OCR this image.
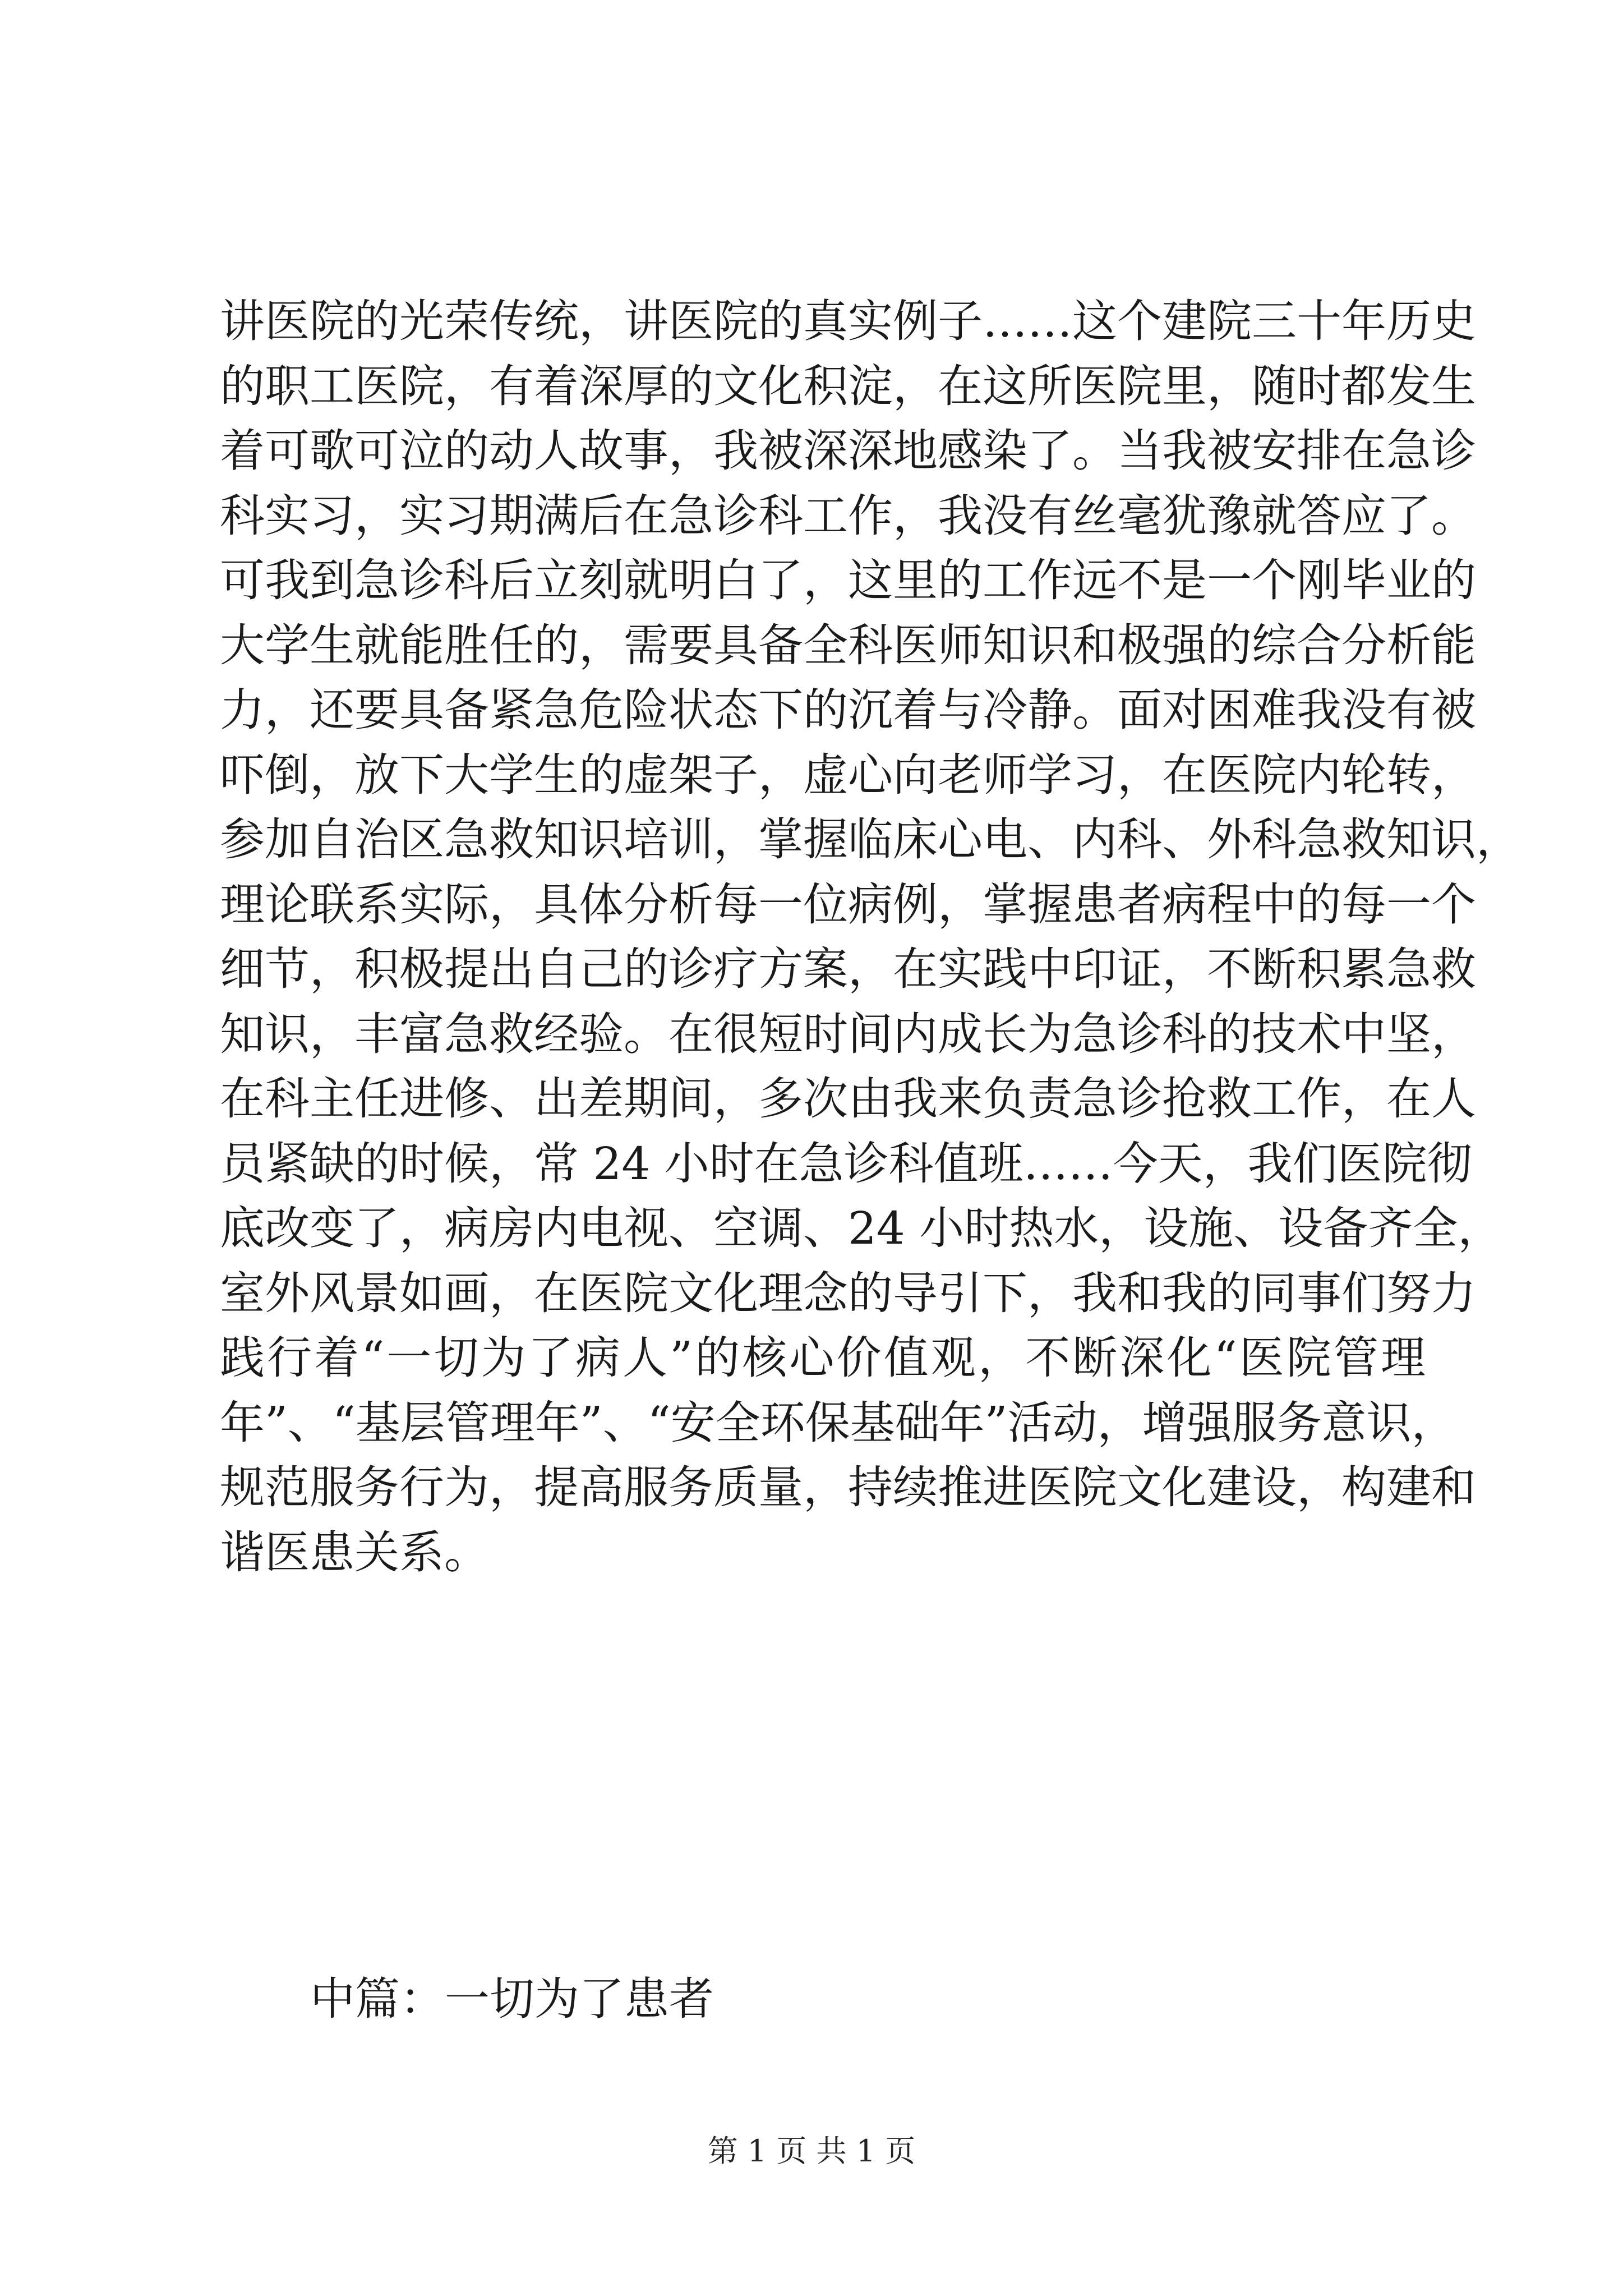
讲医院的光荣传统，讲医院的真实例子……这个建院三十年历史
的职工医院，有着深厚的文化积淀，在这所医院里，随时都发生
着可歌可泣的动人故事，我被深深地感染了。当我被安排在急诊
科实习，实习期满后在急诊科工作，我没有丝毫犹豫就答应了。
可我到急诊科后立刻就明白了，这里的工作远不是一个刚毕业的
大学生就能胜任的，需要具备全科医师知识和极强的综合分析能
力，还要具备紧急危险状态下的沉着与冷静。面对困难我没有被
吓倒，放下大学生的虚架子，虚心向老师学习，在医院内轮转，
参加自治区急救知识培训，掌握临床心电、内科、外科急救知识，
理论联系实际，具体分析每一位病例，掌握患者病程中的每一个
细节，积极提出自己的诊疗方案，在实践中印证，不断积累急救
知识，丰富急救经验。在很短时间内成长为急诊科的技术中坚，
在科主任进修、出差期间，多次由我来负责急诊抢救工作，在人
员紧缺的时候，常 24 小时在急诊科值班……今天，我们医院彻
底改变了，病房内电视、空调、24 小时热水，设施、设备齐全，
室外风景如画，在医院文化理念的导引下，我和我的同事们努力
践行着“一切为了病人”的核心价值观，不断深化“医院管理
年”、“基层管理年”、“安全环保基础年”活动，增强服务意识，
规范服务行为，提高服务质量，持续推进医院文化建设，构建和
谐医患关系。
中篇：一切为了患者
第 1 页 共 1 页
